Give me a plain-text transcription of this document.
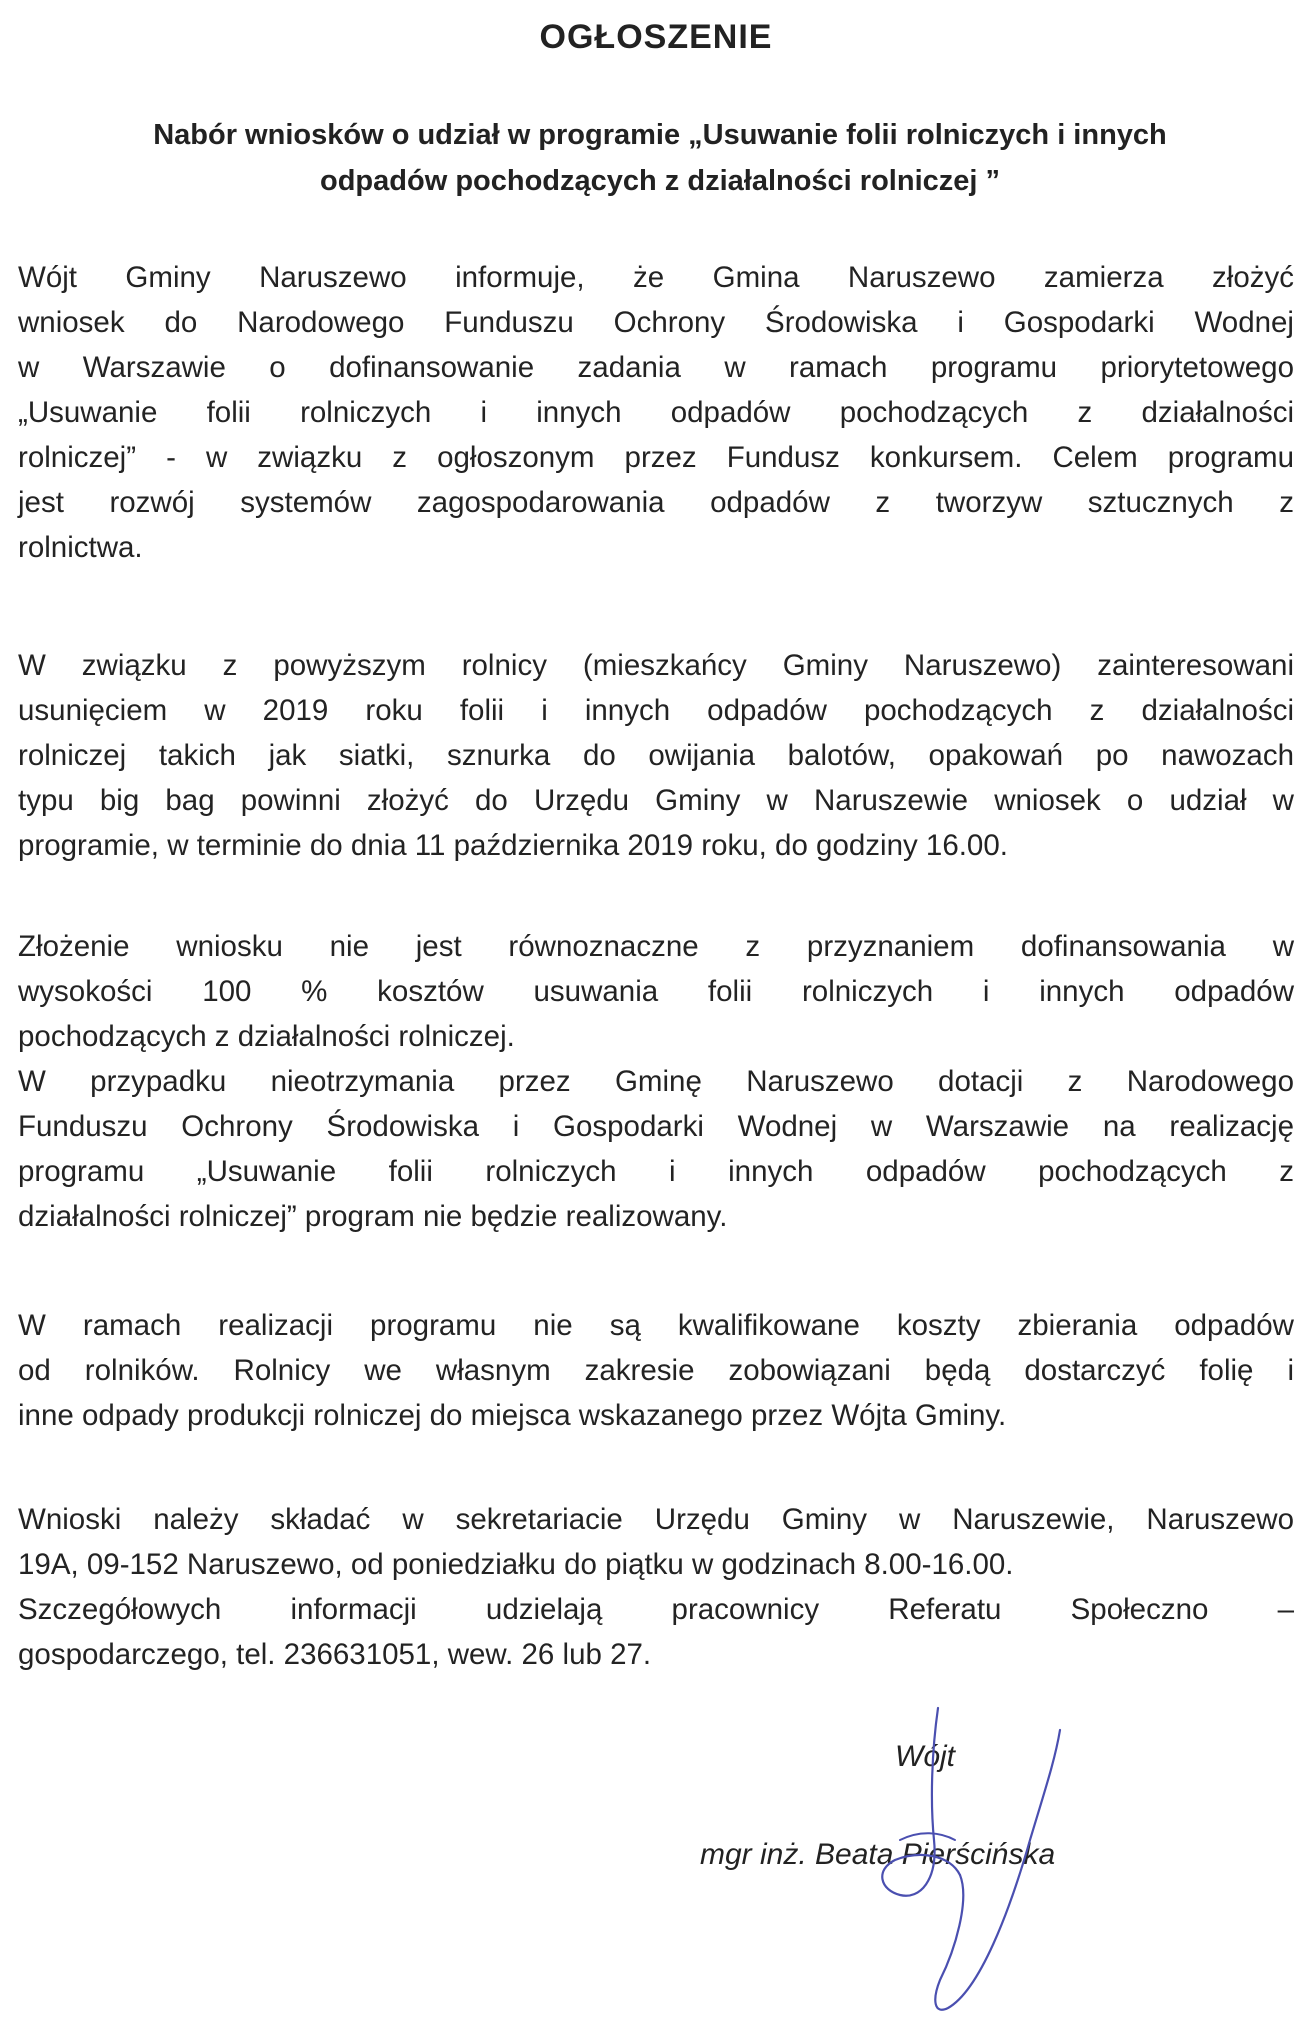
OGŁOSZENIE
Nabór wniosków o udział w programie „Usuwanie folii rolniczych i innych
odpadów pochodzących z działalności rolniczej ”
Wójt Gminy Naruszewo informuje, że Gmina Naruszewo zamierza złożyć
wniosek do Narodowego Funduszu Ochrony Środowiska i Gospodarki Wodnej
w Warszawie o dofinansowanie zadania w ramach programu priorytetowego
„Usuwanie folii rolniczych i innych odpadów pochodzących z działalności
rolniczej” - w związku z ogłoszonym przez Fundusz konkursem. Celem programu
jest rozwój systemów zagospodarowania odpadów z tworzyw sztucznych z
rolnictwa.
W związku z powyższym rolnicy (mieszkańcy Gminy Naruszewo) zainteresowani
usunięciem w 2019 roku folii i innych odpadów pochodzących z działalności
rolniczej takich jak siatki, sznurka do owijania balotów, opakowań po nawozach
typu big bag powinni złożyć do Urzędu Gminy w Naruszewie wniosek o udział w
programie, w terminie do dnia 11 października 2019 roku, do godziny 16.00.
Złożenie wniosku nie jest równoznaczne z przyznaniem dofinansowania w
wysokości 100 % kosztów usuwania folii rolniczych i innych odpadów
pochodzących z działalności rolniczej.
W przypadku nieotrzymania przez Gminę Naruszewo dotacji z Narodowego
Funduszu Ochrony Środowiska i Gospodarki Wodnej w Warszawie na realizację
programu „Usuwanie folii rolniczych i innych odpadów pochodzących z
działalności rolniczej” program nie będzie realizowany.
W ramach realizacji programu nie są kwalifikowane koszty zbierania odpadów
od rolników. Rolnicy we własnym zakresie zobowiązani będą dostarczyć folię i
inne odpady produkcji rolniczej do miejsca wskazanego przez Wójta Gminy.
Wnioski należy składać w sekretariacie Urzędu Gminy w Naruszewie, Naruszewo
19A, 09-152 Naruszewo, od poniedziałku do piątku w godzinach 8.00-16.00.
Szczegółowych informacji udzielają pracownicy Referatu Społeczno –
gospodarczego, tel. 236631051, wew. 26 lub 27.
Wójt
mgr inż. Beata Pierścińska
